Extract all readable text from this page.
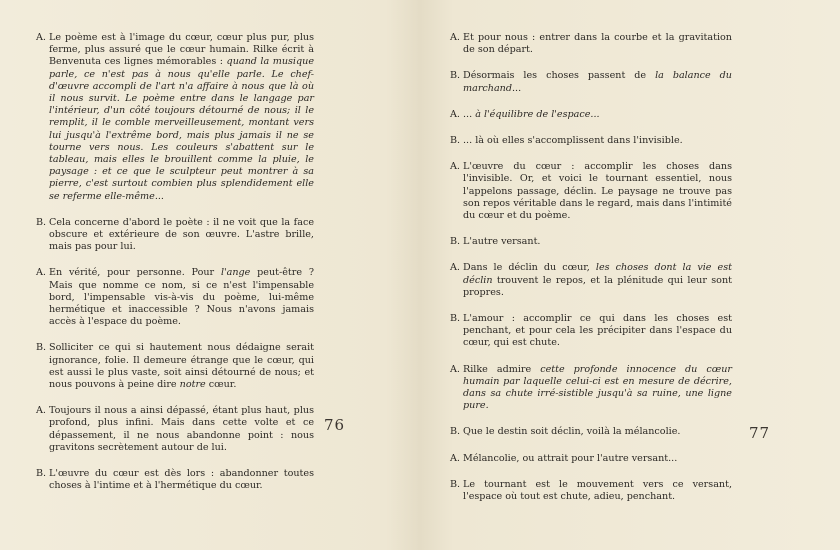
A. Le poème est à l'image du cœur, cœur plus pur, plus ferme, plus assuré que le cœur humain. Rilke écrit à Benvenuta ces lignes mémorables : quand la musique parle, ce n'est pas à nous qu'elle parle. Le chef-d'œuvre accompli de l'art n'a affaire à nous que là où il nous survit. Le poème entre dans le langage par l'intérieur, d'un côté toujours détourné de nous; il le remplit, il le comble merveilleusement, montant vers lui jusqu'à l'extrême bord, mais plus jamais il ne se tourne vers nous. Les couleurs s'abattent sur le tableau, mais elles le brouillent comme la pluie, le paysage : et ce que le sculpteur peut montrer à sa pierre, c'est surtout combien plus splendidement elle se referme elle-même...
B. Cela concerne d'abord le poète : il ne voit que la face obscure et extérieure de son œuvre. L'astre brille, mais pas pour lui.
A. En vérité, pour personne. Pour l'ange peut-être ? Mais que nomme ce nom, si ce n'est l'impensable bord, l'impensable vis-à-vis du poème, lui-même hermétique et inaccessible ? Nous n'avons jamais accès à l'espace du poème.
B. Solliciter ce qui si hautement nous dédaigne serait ignorance, folie. Il demeure étrange que le cœur, qui est aussi le plus vaste, soit ainsi détourné de nous; et nous pouvons à peine dire notre cœur.
A. Toujours il nous a ainsi dépassé, étant plus haut, plus profond, plus infini. Mais dans cette volte et ce dépassement, il ne nous abandonne point : nous gravitons secrètement autour de lui.
B. L'œuvre du cœur est dès lors : abandonner toutes choses à l'intime et à l'hermétique du cœur.
76
A. Et pour nous : entrer dans la courbe et la gravitation de son départ.
B. Désormais les choses passent de la balance du marchand...
A. ... à l'équilibre de l'espace...
B. ... là où elles s'accomplissent dans l'invisible.
A. L'œuvre du cœur : accomplir les choses dans l'invisible. Or, et voici le tournant essentiel, nous l'appelons passage, déclin. Le paysage ne trouve pas son repos véritable dans le regard, mais dans l'intimité du cœur et du poème.
B. L'autre versant.
A. Dans le déclin du cœur, les choses dont la vie est déclin trouvent le repos, et la plénitude qui leur sont propres.
B. L'amour : accomplir ce qui dans les choses est penchant, et pour cela les précipiter dans l'espace du cœur, qui est chute.
A. Rilke admire cette profonde innocence du cœur humain par laquelle celui-ci est en mesure de décrire, dans sa chute irré-sistible jusqu'à sa ruine, une ligne pure.
B. Que le destin soit déclin, voilà la mélancolie.
A. Mélancolie, ou attrait pour l'autre versant...
B. Le tournant est le mouvement vers ce versant, l'espace où tout est chute, adieu, penchant.
77
